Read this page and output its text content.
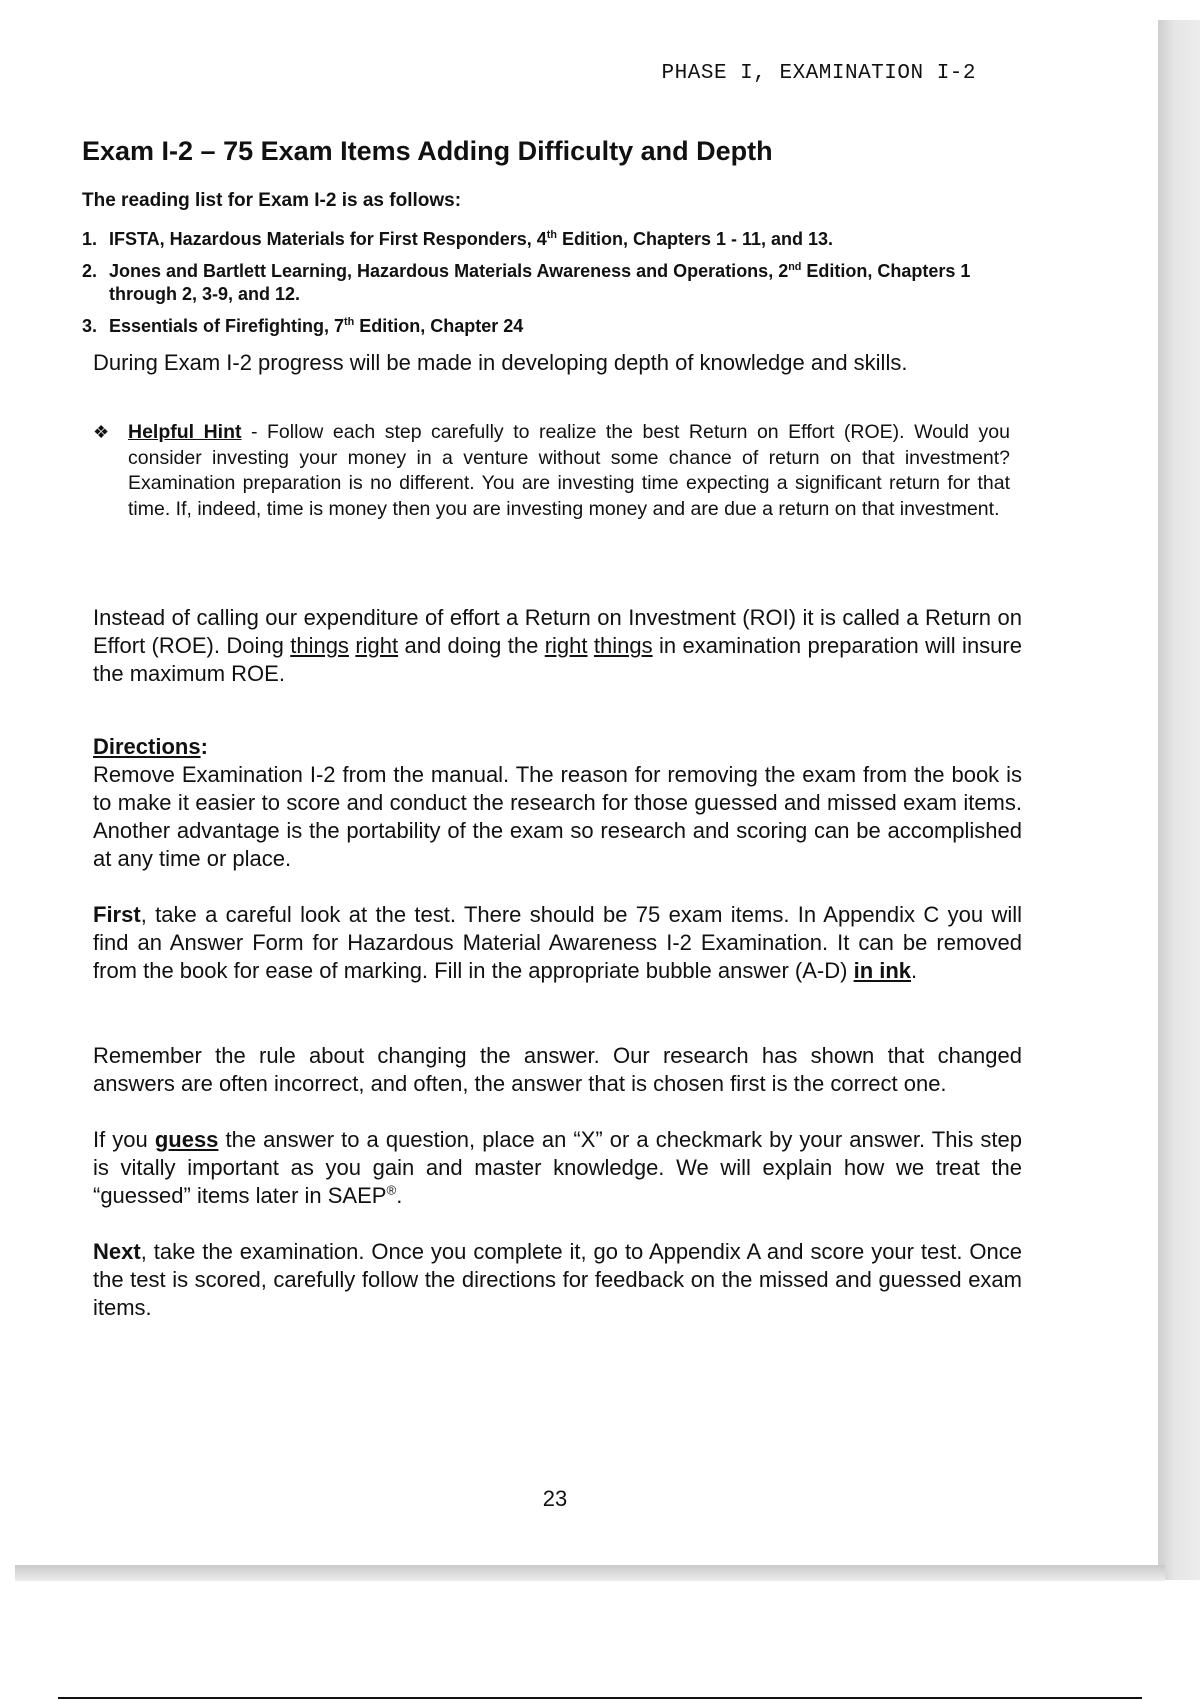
PHASE I, EXAMINATION I-2
Exam I-2 – 75 Exam Items Adding Difficulty and Depth
The reading list for Exam I-2 is as follows:
1. IFSTA, Hazardous Materials for First Responders, 4th Edition, Chapters 1 - 11, and 13.
2. Jones and Bartlett Learning, Hazardous Materials Awareness and Operations, 2nd Edition, Chapters 1 through 2, 3-9, and 12.
3. Essentials of Firefighting, 7th Edition, Chapter 24

During Exam I-2 progress will be made in developing depth of knowledge and skills.

❖ Helpful Hint - Follow each step carefully to realize the best Return on Effort (ROE). Would you consider investing your money in a venture without some chance of return on that investment? Examination preparation is no different. You are investing time expecting a significant return for that time. If, indeed, time is money then you are investing money and are due a return on that investment.

Instead of calling our expenditure of effort a Return on Investment (ROI) it is called a Return on Effort (ROE). Doing things right and doing the right things in examination preparation will insure the maximum ROE.

Directions:

Remove Examination I-2 from the manual. The reason for removing the exam from the book is to make it easier to score and conduct the research for those guessed and missed exam items. Another advantage is the portability of the exam so research and scoring can be accomplished at any time or place.

First, take a careful look at the test. There should be 75 exam items. In Appendix C you will find an Answer Form for Hazardous Material Awareness I-2 Examination. It can be removed from the book for ease of marking. Fill in the appropriate bubble answer (A-D) in ink.

Remember the rule about changing the answer. Our research has shown that changed answers are often incorrect, and often, the answer that is chosen first is the correct one.

If you guess the answer to a question, place an “X” or a checkmark by your answer. This step is vitally important as you gain and master knowledge. We will explain how we treat the “guessed” items later in SAEP®.

Next, take the examination. Once you complete it, go to Appendix A and score your test. Once the test is scored, carefully follow the directions for feedback on the missed and guessed exam items.

23
